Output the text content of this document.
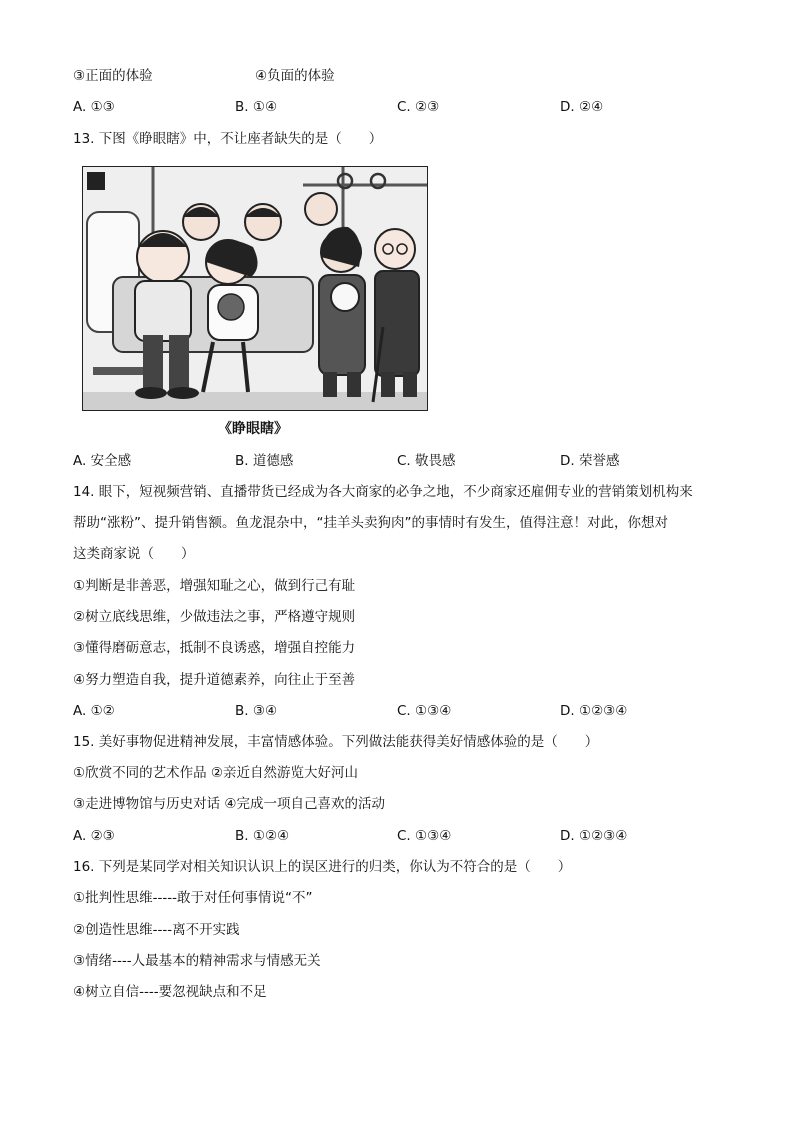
③正面的体验	④负面的体验
A. ①③	B. ①④	C. ②③	D. ②④
13. 下图《睁眼瞎》中，不让座者缺失的是（　　）
《睁眼瞎》
A. 安全感	B. 道德感	C. 敬畏感	D. 荣誉感
14. 眼下，短视频营销、直播带货已经成为各大商家的必争之地，不少商家还雇佣专业的营销策划机构来
帮助“涨粉”、提升销售额。鱼龙混杂中，“挂羊头卖狗肉”的事情时有发生，值得注意！对此，你想对
这类商家说（　　）
①判断是非善恶，增强知耻之心，做到行己有耻
②树立底线思维，少做违法之事，严格遵守规则
③懂得磨砺意志，抵制不良诱惑，增强自控能力
④努力塑造自我，提升道德素养，向往止于至善
A. ①②	B. ③④	C. ①③④	D. ①②③④
15. 美好事物促进精神发展，丰富情感体验。下列做法能获得美好情感体验的是（　　）
①欣赏不同的艺术作品 ②亲近自然游览大好河山
③走进博物馆与历史对话 ④完成一项自己喜欢的活动
A. ②③	B. ①②④	C. ①③④	D. ①②③④
16. 下列是某同学对相关知识认识上的误区进行的归类，你认为不符合的是（　　）
①批判性思维-----敢于对任何事情说“不”
②创造性思维----离不开实践
③情绪----人最基本的精神需求与情感无关
④树立自信----要忽视缺点和不足
